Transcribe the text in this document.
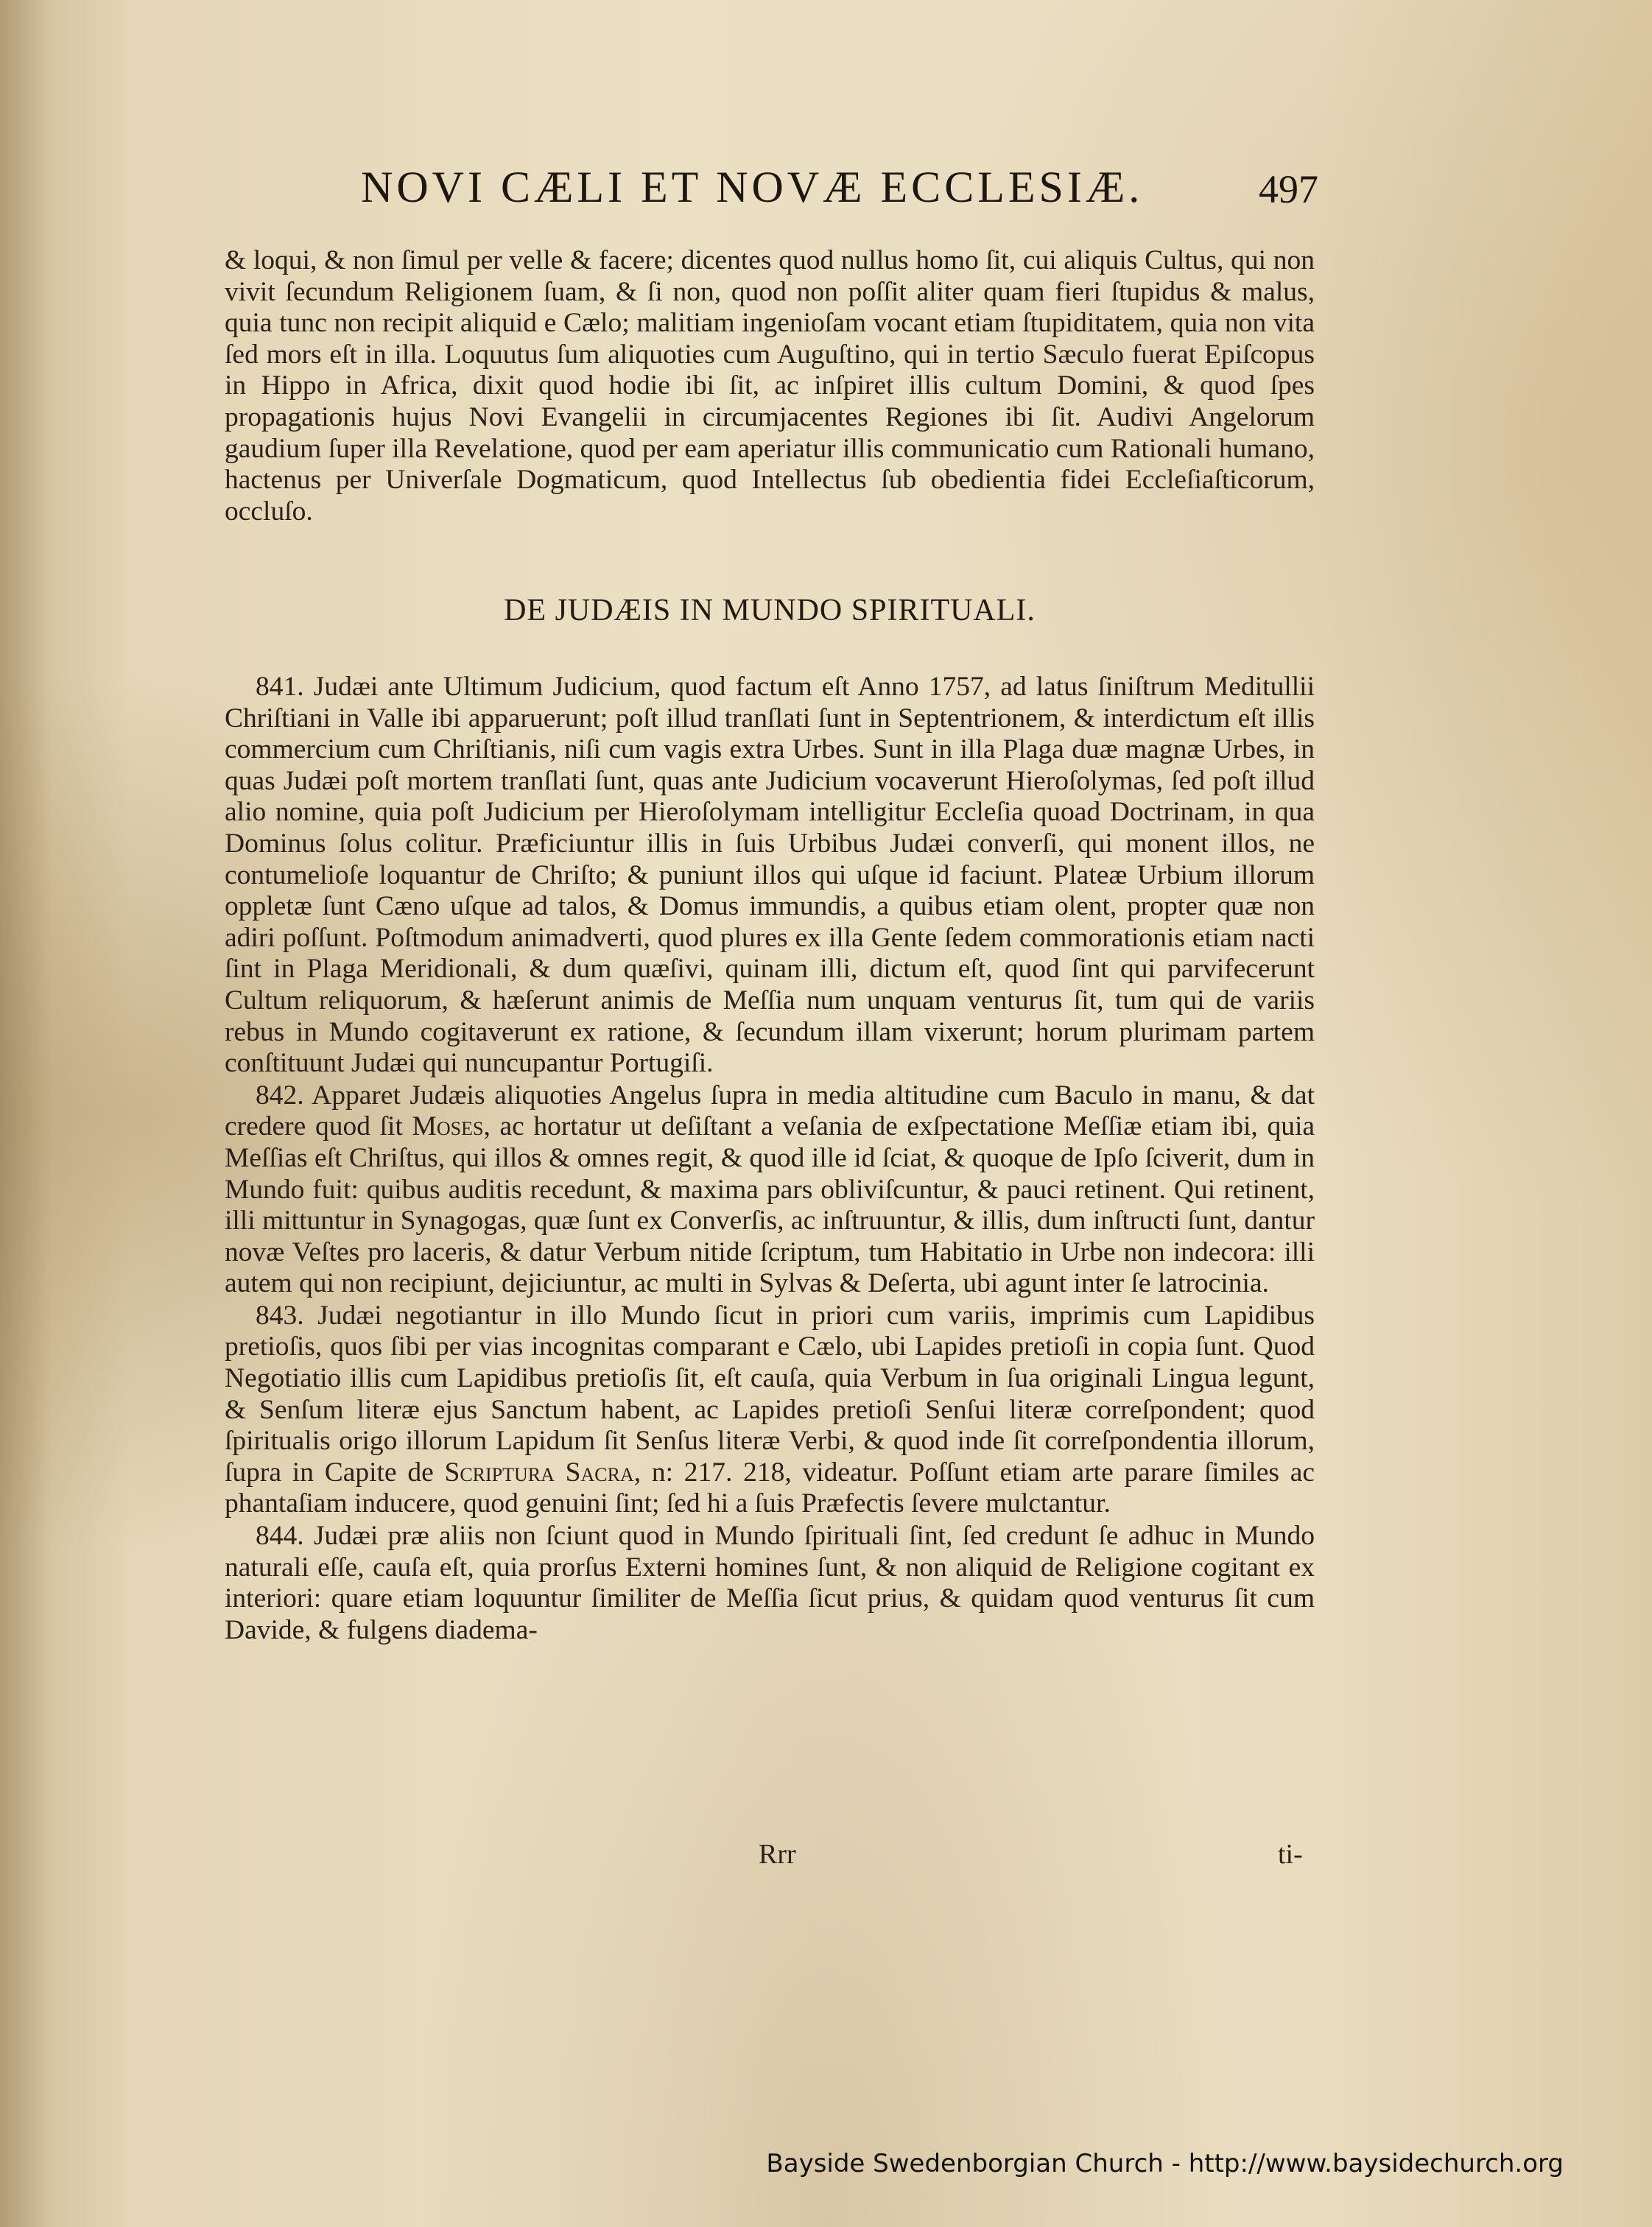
NOVI CÆLI ET NOVÆ ECCLESIÆ.	497

& loqui, & non ſimul per velle & facere; dicentes quod nullus homo ſit, cui aliquis Cultus, qui non vivit ſecundum Religionem ſuam, & ſi non, quod non poſſit aliter quam fieri ſtupidus & malus, quia tunc non recipit aliquid e Cælo; malitiam ingenioſam vocant etiam ſtupiditatem, quia non vita ſed mors eſt in illa. Loquutus ſum aliquoties cum Auguſtino, qui in tertio Sæculo fuerat Epiſcopus in Hippo in Africa, dixit quod hodie ibi ſit, ac inſpiret illis cultum Domini, & quod ſpes propagationis hujus Novi Evangelii in circumjacentes Regiones ibi ſit. Audivi Angelorum gaudium ſuper illa Revelatione, quod per eam aperiatur illis communicatio cum Rationali humano, hactenus per Univerſale Dogmaticum, quod Intellectus ſub obedientia fidei Eccleſiaſticorum, occluſo.

DE JUDÆIS IN MUNDO SPIRITUALI.

841. Judæi ante Ultimum Judicium, quod factum eſt Anno 1757, ad latus ſiniſtrum Meditullii Chriſtiani in Valle ibi apparuerunt; poſt illud tranſlati ſunt in Septentrionem, & interdictum eſt illis commercium cum Chriſtianis, niſi cum vagis extra Urbes. Sunt in illa Plaga duæ magnæ Urbes, in quas Judæi poſt mortem tranſlati ſunt, quas ante Judicium vocaverunt Hieroſolymas, ſed poſt illud alio nomine, quia poſt Judicium per Hieroſolymam intelligitur Eccleſia quoad Doctrinam, in qua Dominus ſolus colitur. Præficiuntur illis in ſuis Urbibus Judæi converſi, qui monent illos, ne contumelioſe loquantur de Chriſto; & puniunt illos qui uſque id faciunt. Plateæ Urbium illorum oppletæ ſunt Cæno uſque ad talos, & Domus immundis, a quibus etiam olent, propter quæ non adiri poſſunt. Poſtmodum animadverti, quod plures ex illa Gente ſedem commorationis etiam nacti ſint in Plaga Meridionali, & dum quæſivi, quinam illi, dictum eſt, quod ſint qui parvifecerunt Cultum reliquorum, & hæſerunt animis de Meſſia num unquam venturus ſit, tum qui de variis rebus in Mundo cogitaverunt ex ratione, & ſecundum illam vixerunt; horum plurimam partem conſtituunt Judæi qui nuncupantur Portugiſi.

842. Apparet Judæis aliquoties Angelus ſupra in media altitudine cum Baculo in manu, & dat credere quod ſit Moses, ac hortatur ut deſiſtant a veſania de exſpectatione Meſſiæ etiam ibi, quia Meſſias eſt Chriſtus, qui illos & omnes regit, & quod ille id ſciat, & quoque de Ipſo ſciverit, dum in Mundo fuit: quibus auditis recedunt, & maxima pars obliviſcuntur, & pauci retinent. Qui retinent, illi mittuntur in Synagogas, quæ ſunt ex Converſis, ac inſtruuntur, & illis, dum inſtructi ſunt, dantur novæ Veſtes pro laceris, & datur Verbum nitide ſcriptum, tum Habitatio in Urbe non indecora: illi autem qui non recipiunt, dejiciuntur, ac multi in Sylvas & Deſerta, ubi agunt inter ſe latrocinia.

843. Judæi negotiantur in illo Mundo ſicut in priori cum variis, imprimis cum Lapidibus pretioſis, quos ſibi per vias incognitas comparant e Cælo, ubi Lapides pretioſi in copia ſunt. Quod Negotiatio illis cum Lapidibus pretioſis ſit, eſt cauſa, quia Verbum in ſua originali Lingua legunt, & Senſum literæ ejus Sanctum habent, ac Lapides pretioſi Senſui literæ correſpondent; quod ſpiritualis origo illorum Lapidum ſit Senſus literæ Verbi, & quod inde ſit correſpondentia illorum, ſupra in Capite de Scriptura Sacra, n: 217. 218, videatur. Poſſunt etiam arte parare ſimiles ac phantaſiam inducere, quod genuini ſint; ſed hi a ſuis Præfectis ſevere mulctantur.

844. Judæi præ aliis non ſciunt quod in Mundo ſpirituali ſint, ſed credunt ſe adhuc in Mundo naturali eſſe, cauſa eſt, quia prorſus Externi homines ſunt, & non aliquid de Religione cogitant ex interiori: quare etiam loquuntur ſimiliter de Meſſia ſicut prius, & quidam quod venturus ſit cum Davide, & fulgens diadema-

Rrr	ti-
Bayside Swedenborgian Church - http://www.baysidechurch.org
